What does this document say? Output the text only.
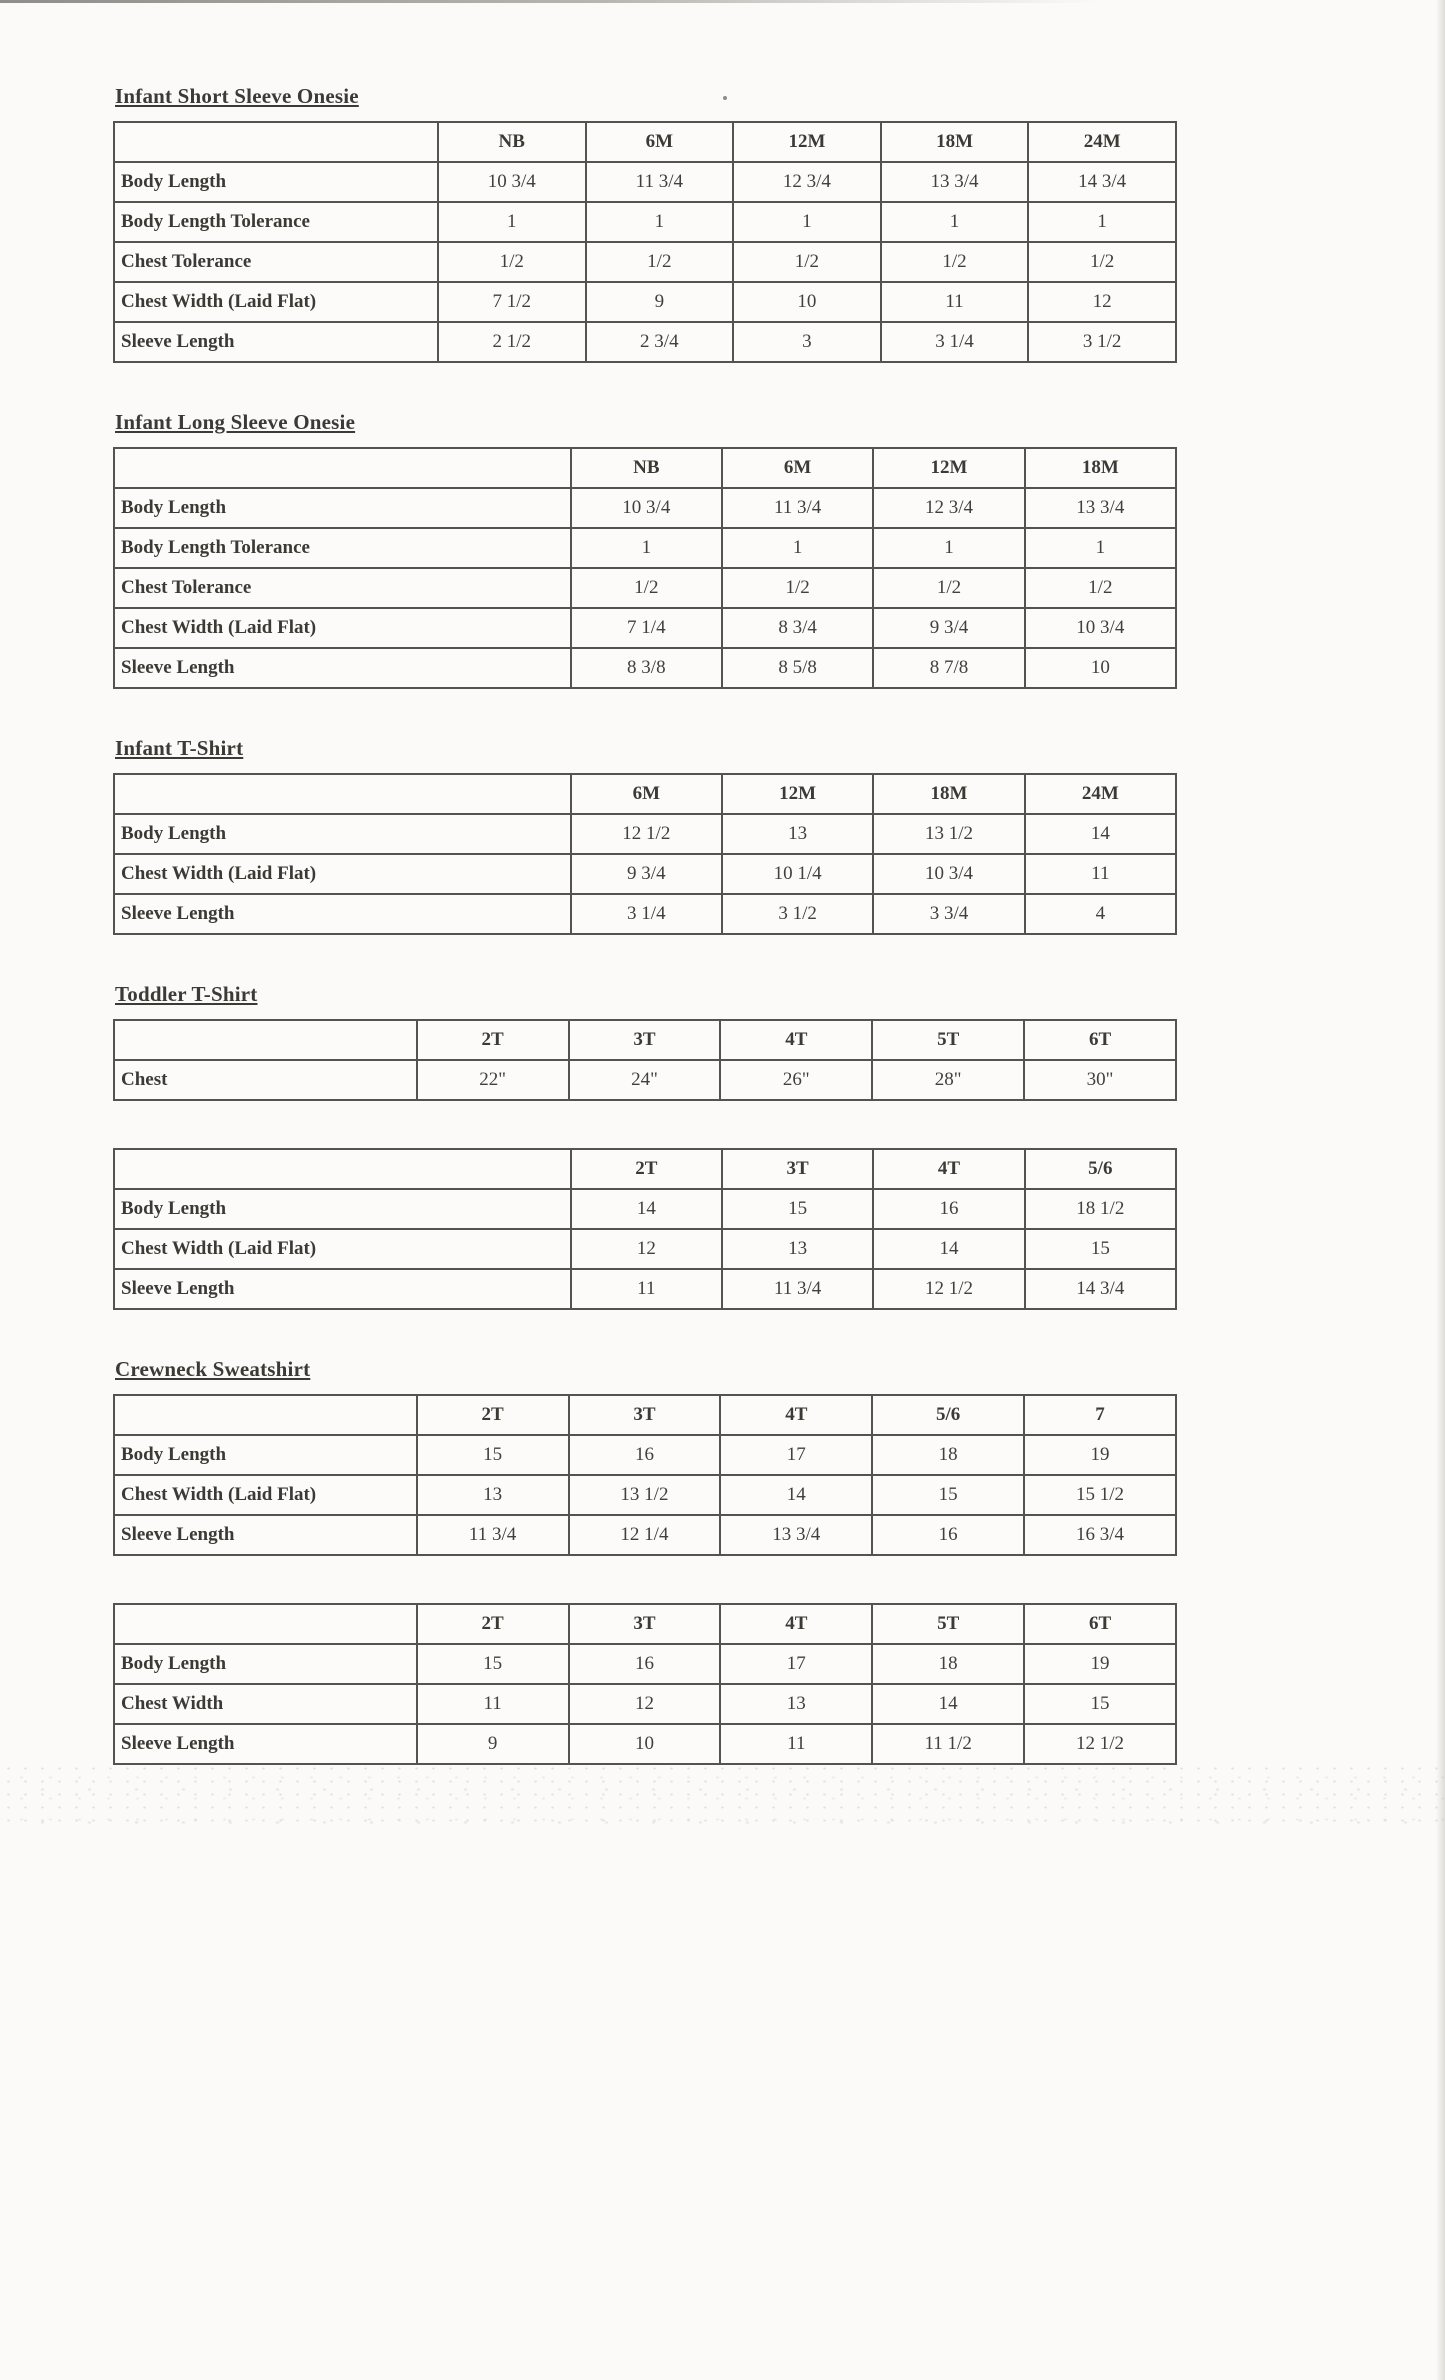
Infant Short Sleeve Onesie
	NB	6M	12M	18M	24M
Body Length	10 3/4	11 3/4	12 3/4	13 3/4	14 3/4
Body Length Tolerance	1	1	1	1	1
Chest Tolerance	1/2	1/2	1/2	1/2	1/2
Chest Width (Laid Flat)	7 1/2	9	10	11	12
Sleeve Length	2 1/2	2 3/4	3	3 1/4	3 1/2
Infant Long Sleeve Onesie
	NB	6M	12M	18M
Body Length	10 3/4	11 3/4	12 3/4	13 3/4
Body Length Tolerance	1	1	1	1
Chest Tolerance	1/2	1/2	1/2	1/2
Chest Width (Laid Flat)	7 1/4	8 3/4	9 3/4	10 3/4
Sleeve Length	8 3/8	8 5/8	8 7/8	10
Infant T-Shirt
	6M	12M	18M	24M
Body Length	12 1/2	13	13 1/2	14
Chest Width (Laid Flat)	9 3/4	10 1/4	10 3/4	11
Sleeve Length	3 1/4	3 1/2	3 3/4	4
Toddler T-Shirt
	2T	3T	4T	5T	6T
Chest	22"	24"	26"	28"	30"
	2T	3T	4T	5/6
Body Length	14	15	16	18 1/2
Chest Width (Laid Flat)	12	13	14	15
Sleeve Length	11	11 3/4	12 1/2	14 3/4
Crewneck Sweatshirt
	2T	3T	4T	5/6	7
Body Length	15	16	17	18	19
Chest Width (Laid Flat)	13	13 1/2	14	15	15 1/2
Sleeve Length	11 3/4	12 1/4	13 3/4	16	16 3/4
	2T	3T	4T	5T	6T
Body Length	15	16	17	18	19
Chest Width	11	12	13	14	15
Sleeve Length	9	10	11	11 1/2	12 1/2
